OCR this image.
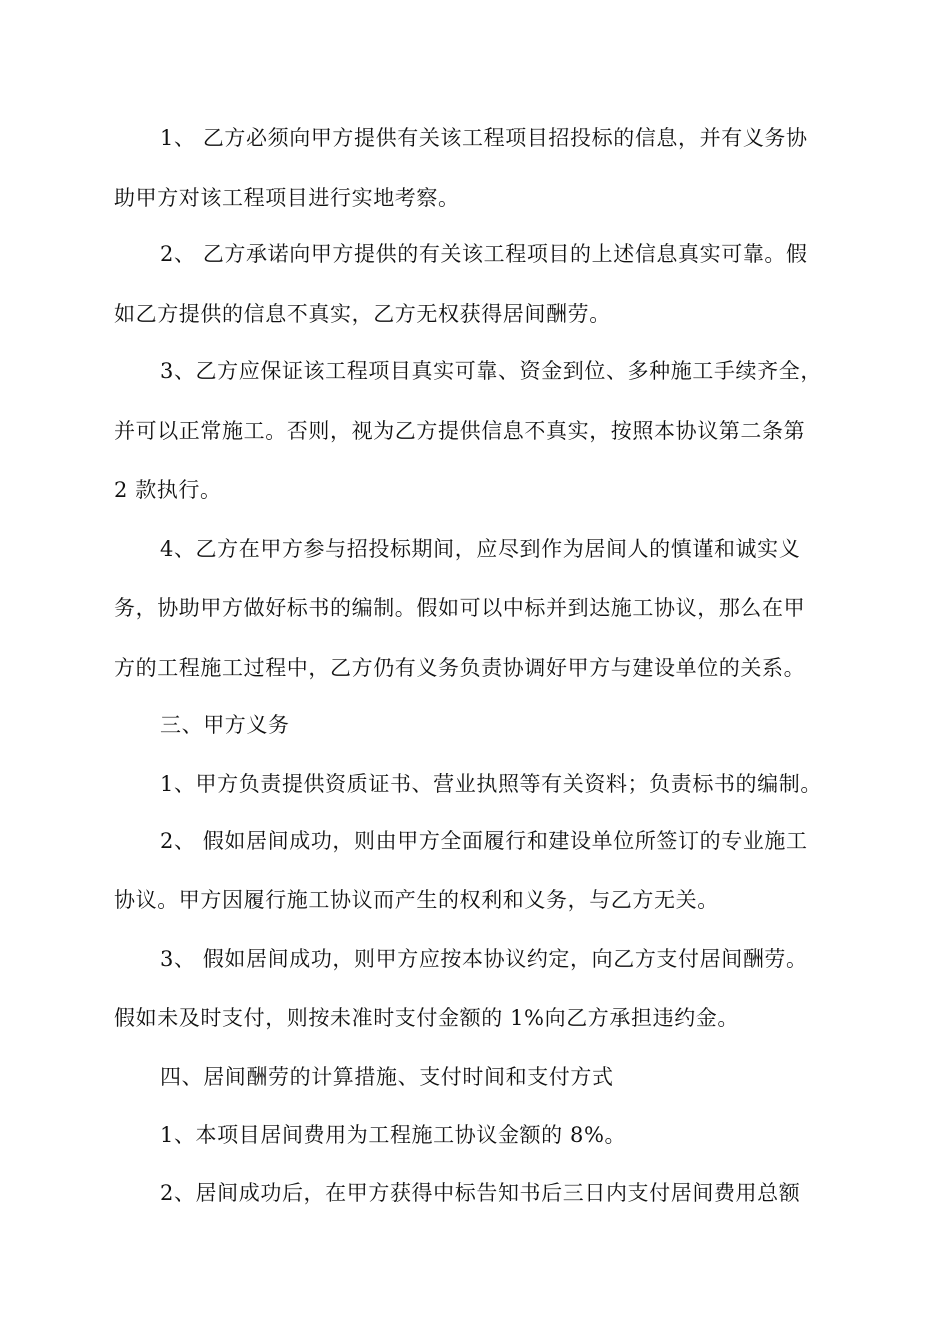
1、 乙方必须向甲方提供有关该工程项目招投标的信息，并有义务协
助甲方对该工程项目进行实地考察。
2、 乙方承诺向甲方提供的有关该工程项目的上述信息真实可靠。假
如乙方提供的信息不真实，乙方无权获得居间酬劳。
3、乙方应保证该工程项目真实可靠、资金到位、多种施工手续齐全，
并可以正常施工。否则，视为乙方提供信息不真实，按照本协议第二条第
2 款执行。
4、乙方在甲方参与招投标期间，应尽到作为居间人的慎谨和诚实义
务，协助甲方做好标书的编制。假如可以中标并到达施工协议，那么在甲
方的工程施工过程中，乙方仍有义务负责协调好甲方与建设单位的关系。
三、甲方义务
1、甲方负责提供资质证书、营业执照等有关资料；负责标书的编制。
2、 假如居间成功，则由甲方全面履行和建设单位所签订的专业施工
协议。甲方因履行施工协议而产生的权利和义务，与乙方无关。
3、 假如居间成功，则甲方应按本协议约定，向乙方支付居间酬劳。
假如未及时支付，则按未准时支付金额的 1%向乙方承担违约金。
四、居间酬劳的计算措施、支付时间和支付方式
1、本项目居间费用为工程施工协议金额的 8%。
2、居间成功后，在甲方获得中标告知书后三日内支付居间费用总额
